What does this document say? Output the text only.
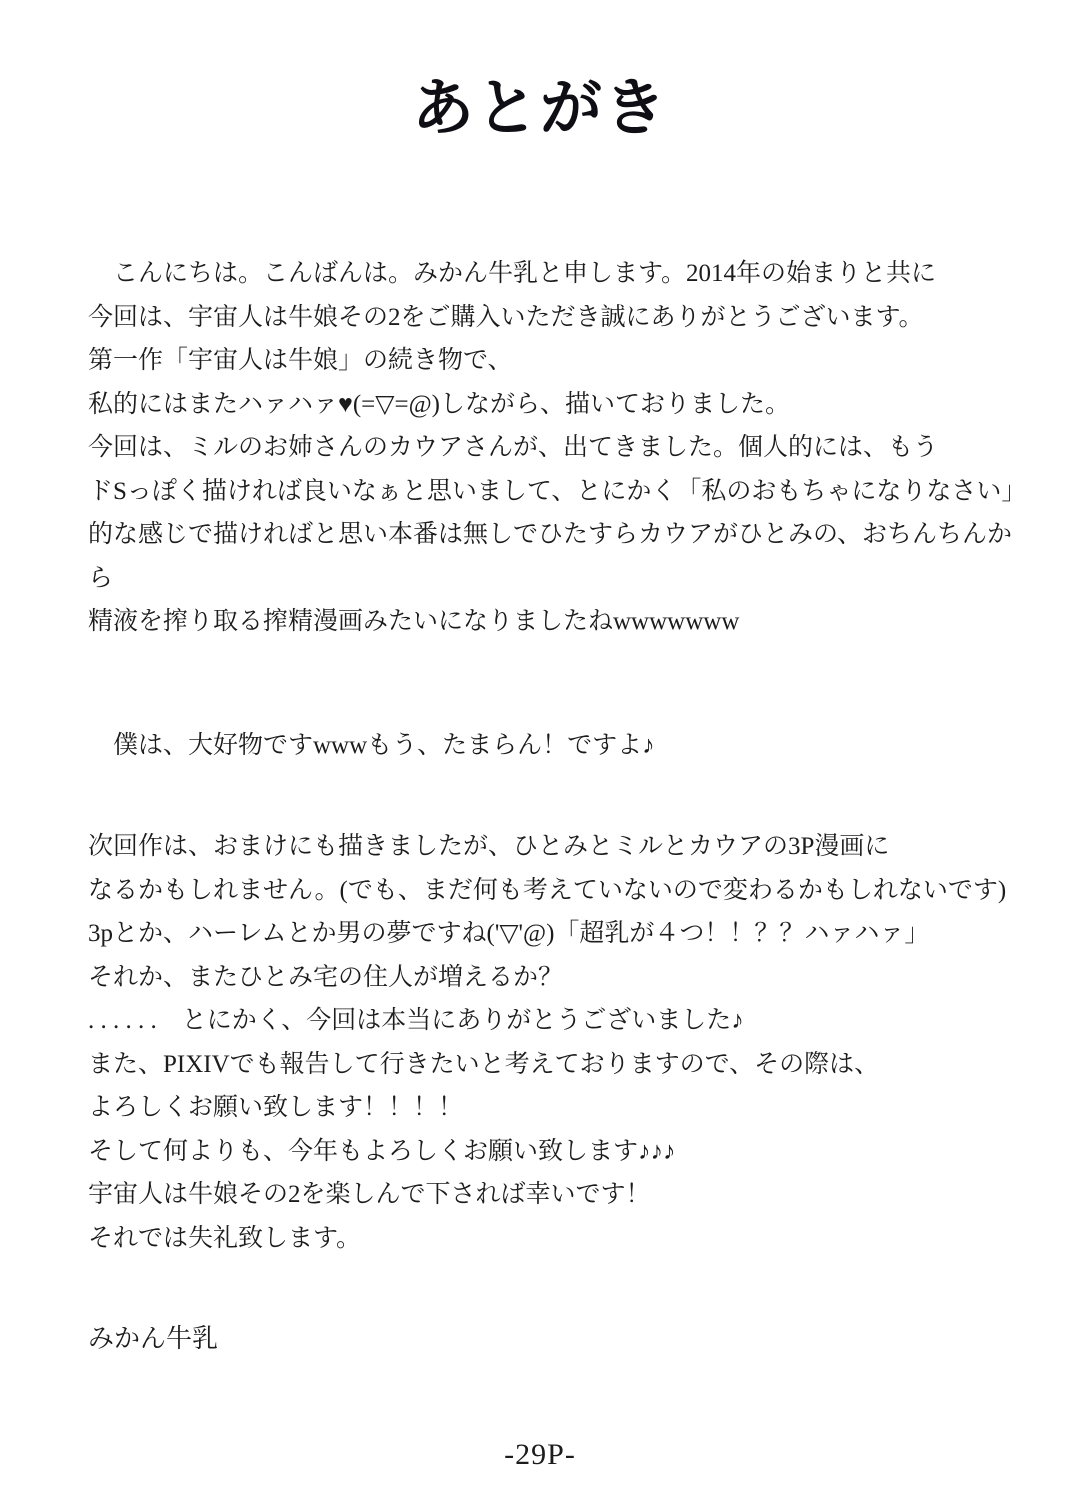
あとがき
　こんにちは。こんばんは。みかん牛乳と申します。2014年の始まりと共に
今回は、宇宙人は牛娘その2をご購入いただき誠にありがとうございます。
第一作「宇宙人は牛娘」の続き物で、
私的にはまたハァハァ♥(=▽=@)しながら、描いておりました。
今回は、ミルのお姉さんのカウアさんが、出てきました。個人的には、もう
ドSっぽく描ければ良いなぁと思いまして、とにかく「私のおもちゃになりなさい」
的な感じで描ければと思い本番は無しでひたすらカウアがひとみの、おちんちんから
精液を搾り取る搾精漫画みたいになりましたねwwwwwww
　僕は、大好物ですwwwもう、たまらん！ですよ♪
次回作は、おまけにも描きましたが、ひとみとミルとカウアの3P漫画に
なるかもしれません。(でも、まだ何も考えていないので変わるかもしれないです)
3pとか、ハーレムとか男の夢ですね('▽'@)「超乳が４つ！！？？ハァハァ」
それか、またひとみ宅の住人が増えるか？
. . . . . .　とにかく、今回は本当にありがとうございました♪
また、PIXIVでも報告して行きたいと考えておりますので、その際は、
よろしくお願い致します！！！！
そして何よりも、今年もよろしくお願い致します♪♪♪
宇宙人は牛娘その2を楽しんで下されば幸いです！
それでは失礼致します。
みかん牛乳
-29P-
